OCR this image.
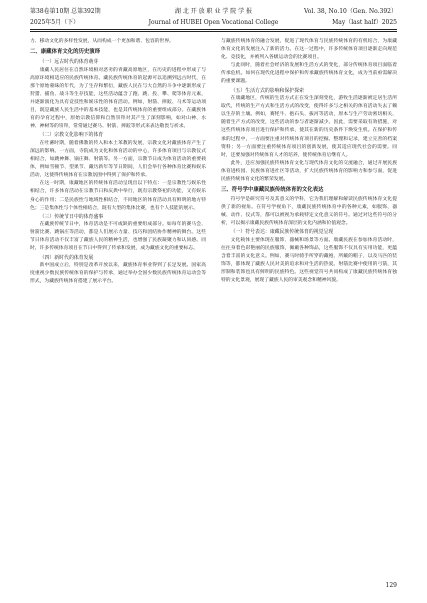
第38卷第10期 总第392期	湖 北 开 放 职 业 学 院 学 报	Vol. 38, No.10（Gen. No.392）
2025年5月（下）	Journal of HUBEI Open Vocational College	May（last half）2025

力、移动文化的多样性发展，从而构成一个更加和谐、包容的世界。

二、康藏体育文化的历史演绎
（一）远古时代的体育萌芽

康藏人民居住在自然环境相对恶劣的青藏高原地区，在历史的进程中形成了与高原环境相适应的民族传统体育。藏民族传统体育的起源可以追溯到远古时代，在那个原始蒙昧的年代，为了生存和繁衍，藏族人民在与大自然的斗争中逐渐形成了狩猎、捕鱼、战斗等生存技能，这些活动蕴含了跑、跳、投、攀、爬等体育元素，并逐渐演化为具有竞技性和娱乐性的体育活动。例如，射箭、摔跤、马术等运动项目，既是藏族人民生活中的基本技能，也是其传统体育的重要组成部分。在藏族体育的孕育过程中，原始宗教信仰和自然崇拜对其产生了深刻影响，如对山神、水神、神树等的崇拜，常常通过赛马、射箭、摔跤等形式来表达敬畏与祈求。

（二）宗教文化影响下的体育

在吐蕃时期，随着佛教的传入和本土苯教的发展，宗教文化对藏族体育产生了深远的影响。一方面，寺院成为文化和体育活动的中心，许多体育项目与宗教仪式相结合，如跳神舞、锅庄舞、射箭等。另一方面，宗教节日成为体育活动的重要载体，例如雪顿节、望果节、藏历新年等节日期间，人们会举行各种体育比赛和娱乐活动，这使得传统体育在宗教氛围中得到了保护和传承。

在这一时期，康藏地区的传统体育活动呈现出以下特点：一是宗教性与娱乐性相结合，许多体育活动在宗教节日和庆典中举行，既有宗教祭祀的功能，又有娱乐身心的作用；二是民族性与地域性相结合，不同地区的体育活动具有鲜明的地方特色；三是集体性与个体性相结合，既有大型的集体比赛，也有个人技能的展示。

（三）传统节日中的体育盛事

在藏族传统节日中，体育活动是不可或缺的重要组成部分。如每年的赛马会、射箭比赛、跳锅庄等活动，都是人们展示力量、技巧和团结协作精神的舞台。这些节日体育活动不仅丰富了藏族人民的精神生活，也增强了民族凝聚力和认同感。同时，许多传统体育项目在节日中得到了传承和发展，成为藏族文化的重要标志。

（四）新时代的体育发展

新中国成立后，特别是改革开放以来，藏族体育事业得到了长足发展。国家高度重视少数民族传统体育的保护与传承，通过举办全国少数民族传统体育运动会等形式，为藏族传统体育搭建了展示平台。

与藏族传统体育的融合发展，促进了现代体育与民族传统体育的有机结合，为康藏体育文化的发展注入了新的活力。在这一过程中，许多传统体育项目逐渐走向规范化、竞技化，并被列入各级运动会的比赛项目。

与此同时，随着社会经济的发展和生活方式的变化，部分传统体育项目面临着传承危机。如何在现代化进程中保护和传承藏族传统体育文化，成为当前亟需解决的重要课题。

（五）生活方式的影响和保护探索

在康藏地区，传统的生活方式正在发生深刻变化，游牧生活逐渐被定居生活所取代，传统的生产方式和生活方式的改变，使得许多与之相关的体育活动失去了赖以生存的土壤。例如，赛牦牛、抱石头、拔河等活动，原本与生产劳动密切相关，随着生产方式的改变，这些活动的参与者逐渐减少。因此，需要采取有效措施，对这些传统体育项目进行保护和传承，使其在新的历史条件下焕发生机。在保护和传承的过程中，一方面要注重对传统体育项目的挖掘、整理和记录，建立完善的档案资料；另一方面要注重传统体育项目的创新发展，使其适应现代社会的需要。同时，还要加强对传统体育人才的培养，使传统体育后继有人。

此外，还应加强民族传统体育文化与现代体育文化的交流融合，通过开展民族体育进校园、民族体育进社区等活动，扩大民族传统体育的影响力和参与面，促进民族传统体育文化的繁荣发展。

三、符号学中康藏民族传统体育的文化表达

符号学是研究符号及其意义的学科，它为我们理解和解读民族传统体育文化提供了新的视角。在符号学视角下，康藏民族传统体育中的各种元素，如服饰、器械、动作、仪式等，都可以被视为承载特定文化意义的符号。通过对这些符号的分析，可以揭示康藏民族传统体育深层的文化内涵和价值观念。

（一）符号表达：康藏民族传统体育的视觉呈现

文化载体主要体现在服饰、器械和场景等方面。康藏民族在参加体育活动时，往往身着色彩艳丽的民族服饰，佩戴各种饰品，这些服饰不仅具有实用功能，更蕴含着丰富的文化意义。例如，赛马时骑手所穿的藏袍、所戴的帽子，以及马匹的装饰等，都体现了藏族人民对美的追求和对生活的热爱。射箭比赛中使用的弓箭，其形制和装饰也具有鲜明的民族特色。这些视觉符号共同构成了康藏民族传统体育独特的文化景观，展现了藏族人民的审美观念和精神风貌。

129
